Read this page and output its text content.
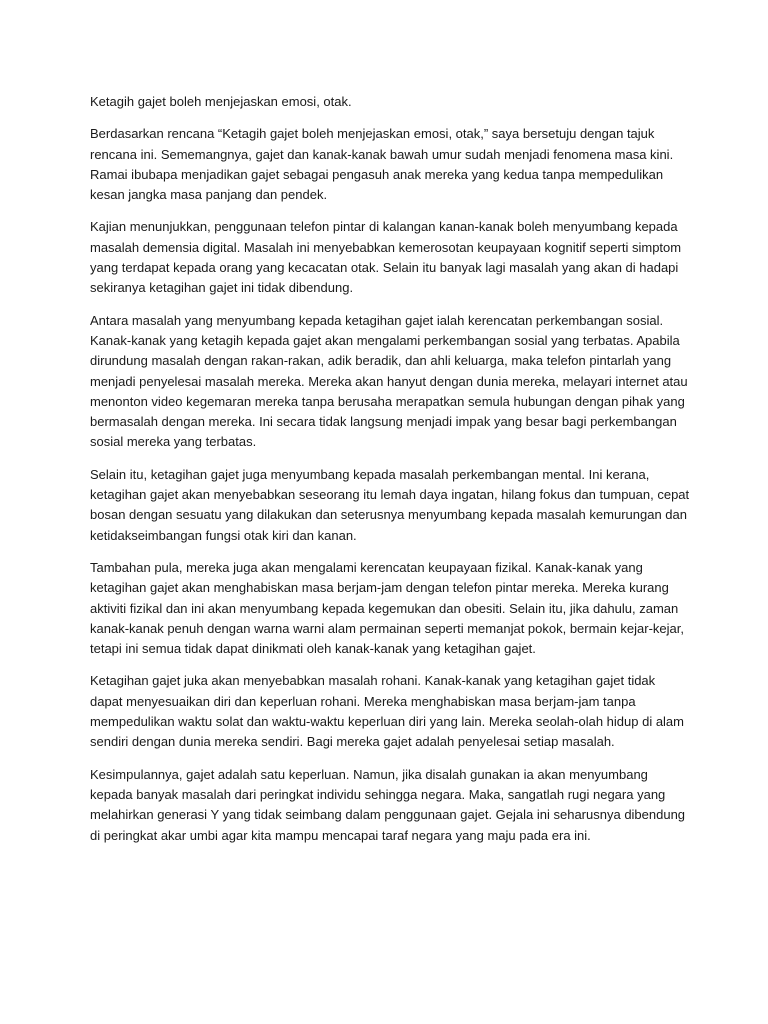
Ketagih gajet boleh menjejaskan emosi, otak.

Berdasarkan rencana “Ketagih gajet boleh menjejaskan emosi, otak,” saya bersetuju dengan tajuk rencana ini. Sememangnya, gajet dan kanak-kanak bawah umur sudah menjadi fenomena masa kini. Ramai ibubapa menjadikan gajet sebagai pengasuh anak mereka yang kedua tanpa mempedulikan kesan jangka masa panjang dan pendek.

Kajian menunjukkan, penggunaan telefon pintar di kalangan kanan-kanak boleh menyumbang kepada masalah demensia digital. Masalah ini menyebabkan kemerosotan keupayaan kognitif seperti simptom yang terdapat kepada orang yang kecacatan otak. Selain itu banyak lagi masalah yang akan di hadapi sekiranya ketagihan gajet ini tidak dibendung.

Antara masalah yang menyumbang kepada ketagihan gajet ialah kerencatan perkembangan sosial. Kanak-kanak yang ketagih kepada gajet akan mengalami perkembangan sosial yang terbatas. Apabila dirundung masalah dengan rakan-rakan, adik beradik, dan ahli keluarga, maka telefon pintarlah yang menjadi penyelesai masalah mereka. Mereka akan hanyut dengan dunia mereka, melayari internet atau menonton video kegemaran mereka tanpa berusaha merapatkan semula hubungan dengan pihak yang bermasalah dengan mereka. Ini secara tidak langsung menjadi impak yang besar bagi perkembangan sosial mereka yang terbatas.

Selain itu, ketagihan gajet juga menyumbang kepada masalah perkembangan mental. Ini kerana, ketagihan gajet akan menyebabkan seseorang itu lemah daya ingatan, hilang fokus dan tumpuan, cepat bosan dengan sesuatu yang dilakukan dan seterusnya menyumbang kepada masalah kemurungan dan ketidakseimbangan fungsi otak kiri dan kanan.

Tambahan pula, mereka juga akan mengalami kerencatan keupayaan fizikal. Kanak-kanak yang ketagihan gajet akan menghabiskan masa berjam-jam dengan telefon pintar mereka. Mereka kurang aktiviti fizikal dan ini akan menyumbang kepada kegemukan dan obesiti. Selain itu, jika dahulu, zaman kanak-kanak penuh dengan warna warni alam permainan seperti memanjat pokok, bermain kejar-kejar, tetapi ini semua tidak dapat dinikmati oleh kanak-kanak yang ketagihan gajet.

Ketagihan gajet juka akan menyebabkan masalah rohani. Kanak-kanak yang ketagihan gajet tidak dapat menyesuaikan diri dan keperluan rohani. Mereka menghabiskan masa berjam-jam tanpa mempedulikan waktu solat dan waktu-waktu keperluan diri yang lain. Mereka seolah-olah hidup di alam sendiri dengan dunia mereka sendiri. Bagi mereka gajet adalah penyelesai setiap masalah.

Kesimpulannya, gajet adalah satu keperluan. Namun, jika disalah gunakan ia akan menyumbang kepada banyak masalah dari peringkat individu sehingga negara. Maka, sangatlah rugi negara yang melahirkan generasi Y yang tidak seimbang dalam penggunaan gajet. Gejala ini seharusnya dibendung di peringkat akar umbi agar kita mampu mencapai taraf negara yang maju pada era ini.
